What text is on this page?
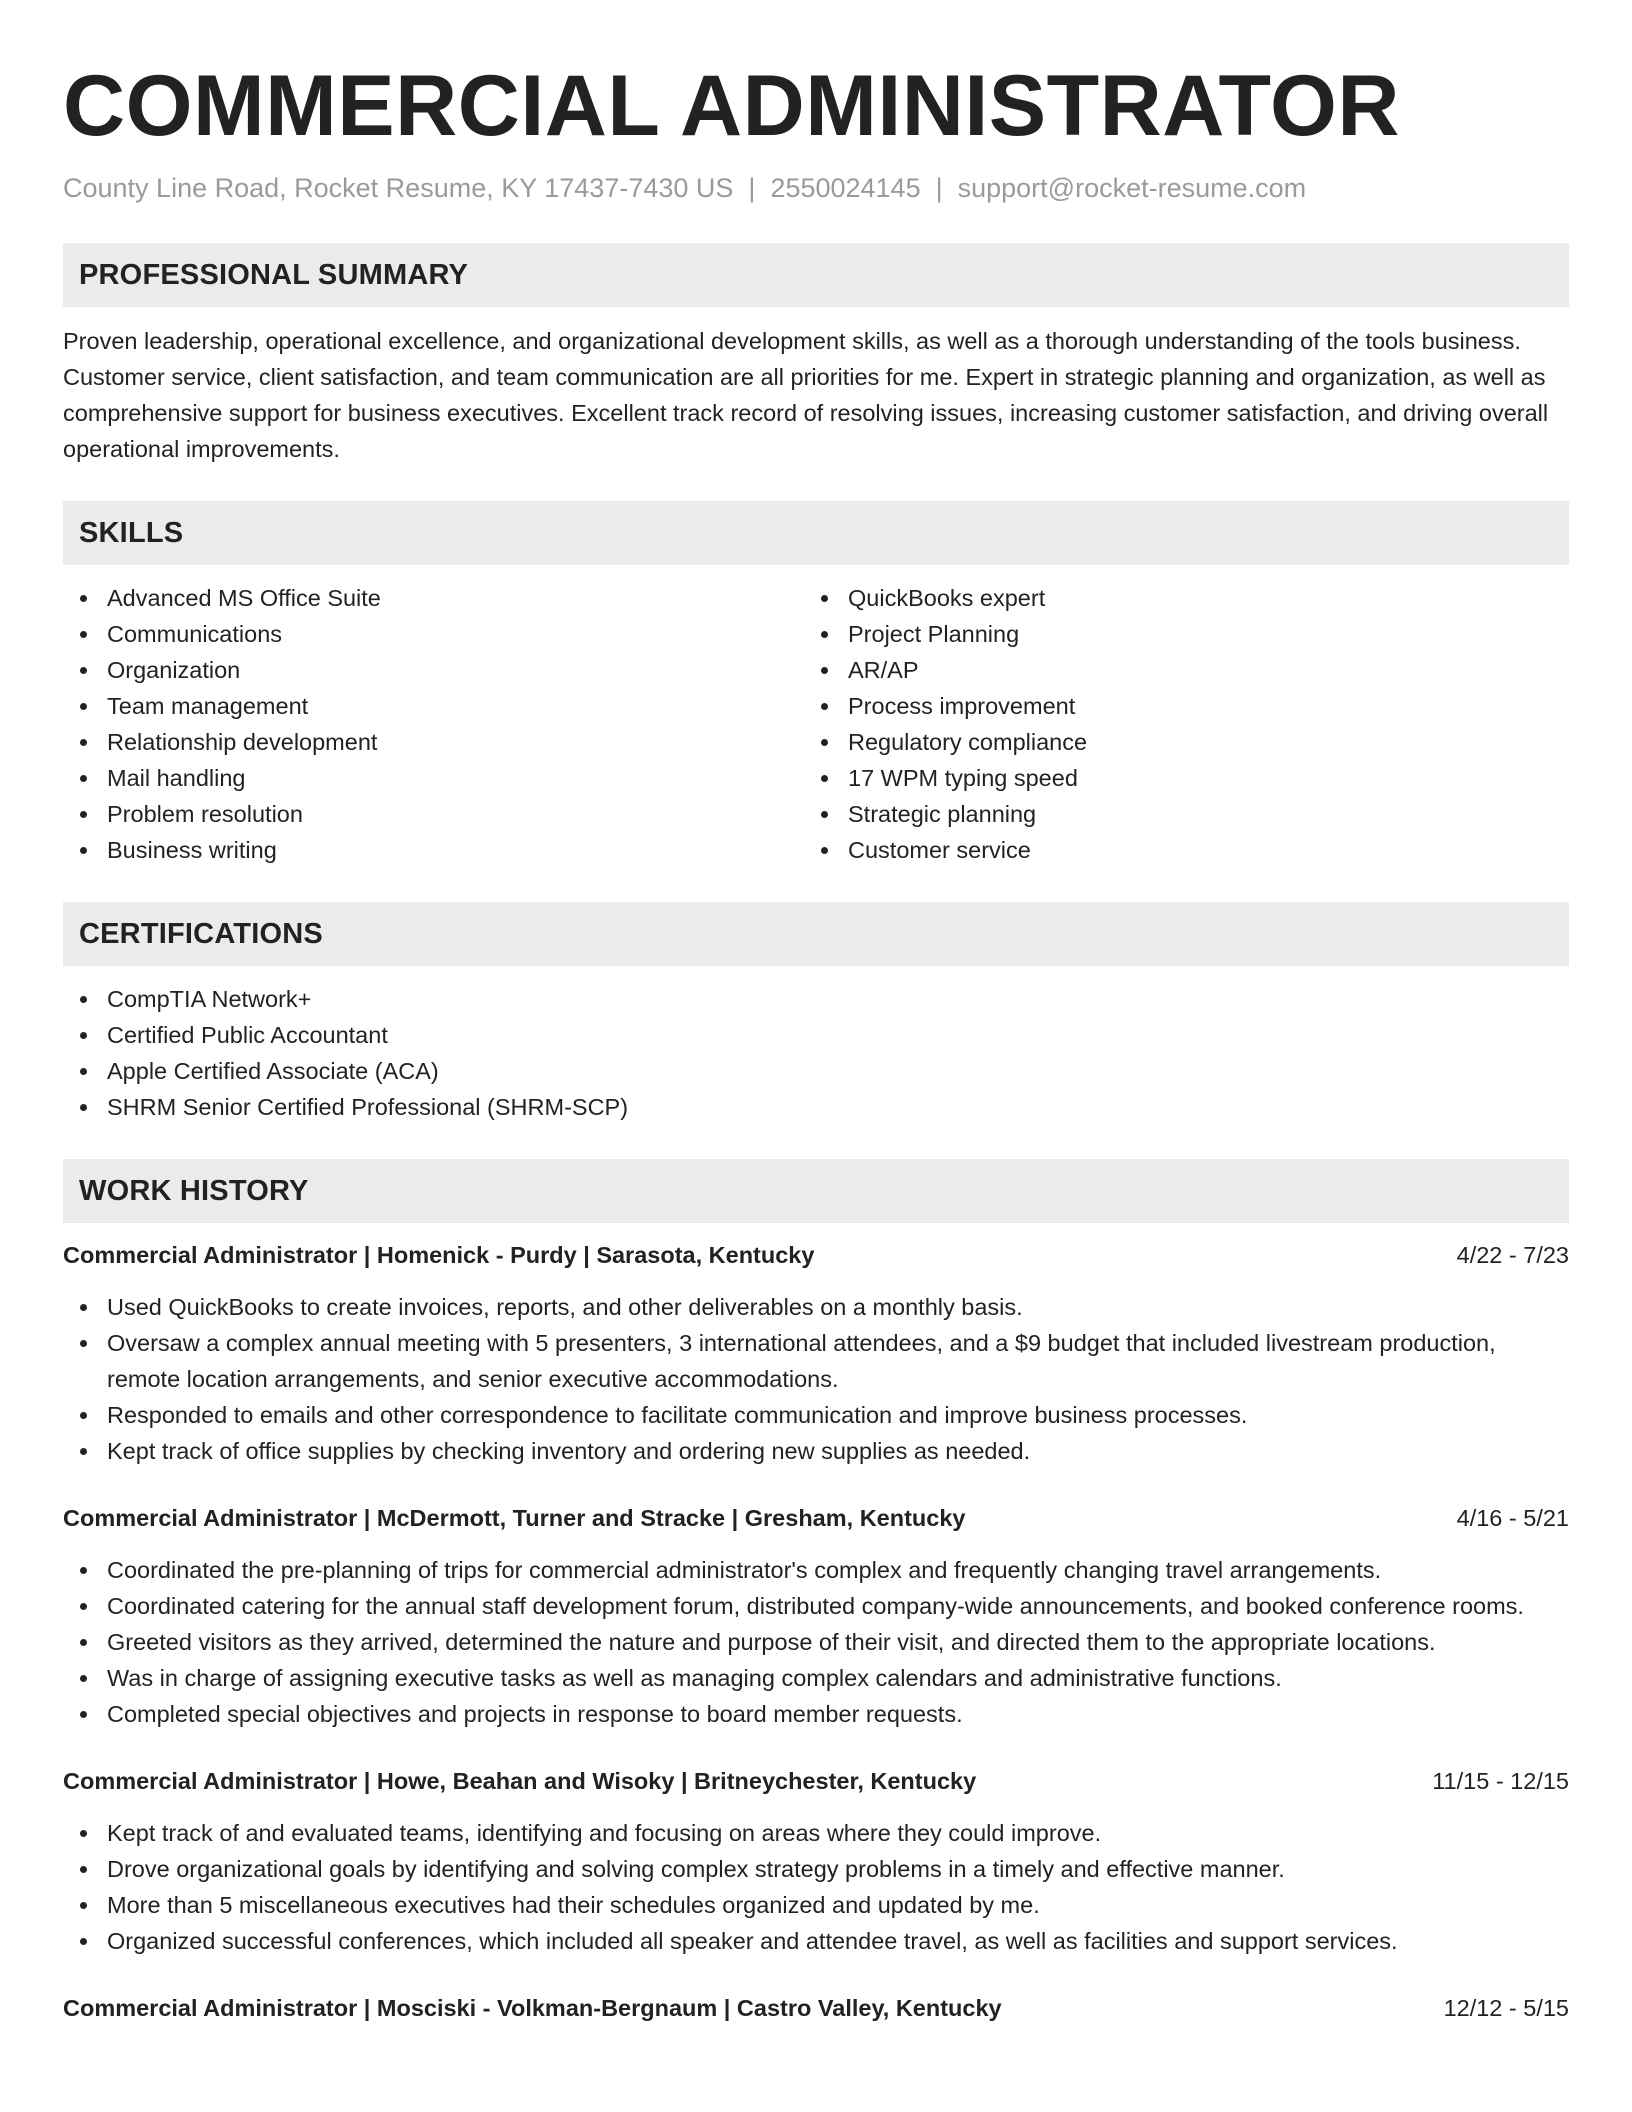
COMMERCIAL ADMINISTRATOR
County Line Road, Rocket Resume, KY 17437-7430 US | 2550024145 | support@rocket-resume.com
PROFESSIONAL SUMMARY

Proven leadership, operational excellence, and organizational development skills, as well as a thorough understanding of the tools business. Customer service, client satisfaction, and team communication are all priorities for me. Expert in strategic planning and organization, as well as comprehensive support for business executives. Excellent track record of resolving issues, increasing customer satisfaction, and driving overall operational improvements.

SKILLS
Advanced MS Office Suite
Communications
Organization
Team management
Relationship development
Mail handling
Problem resolution
Business writing
QuickBooks expert
Project Planning
AR/AP
Process improvement
Regulatory compliance
17 WPM typing speed
Strategic planning
Customer service
CERTIFICATIONS
CompTIA Network+
Certified Public Accountant
Apple Certified Associate (ACA)
SHRM Senior Certified Professional (SHRM-SCP)
WORK HISTORY
Commercial Administrator | Homenick - Purdy | Sarasota, Kentucky	4/22 - 7/23
Used QuickBooks to create invoices, reports, and other deliverables on a monthly basis.
Oversaw a complex annual meeting with 5 presenters, 3 international attendees, and a $9 budget that included livestream production, remote location arrangements, and senior executive accommodations.
Responded to emails and other correspondence to facilitate communication and improve business processes.
Kept track of office supplies by checking inventory and ordering new supplies as needed.
Commercial Administrator | McDermott, Turner and Stracke | Gresham, Kentucky	4/16 - 5/21
Coordinated the pre-planning of trips for commercial administrator's complex and frequently changing travel arrangements.
Coordinated catering for the annual staff development forum, distributed company-wide announcements, and booked conference rooms.
Greeted visitors as they arrived, determined the nature and purpose of their visit, and directed them to the appropriate locations.
Was in charge of assigning executive tasks as well as managing complex calendars and administrative functions.
Completed special objectives and projects in response to board member requests.
Commercial Administrator | Howe, Beahan and Wisoky | Britneychester, Kentucky	11/15 - 12/15
Kept track of and evaluated teams, identifying and focusing on areas where they could improve.
Drove organizational goals by identifying and solving complex strategy problems in a timely and effective manner.
More than 5 miscellaneous executives had their schedules organized and updated by me.
Organized successful conferences, which included all speaker and attendee travel, as well as facilities and support services.
Commercial Administrator | Mosciski - Volkman-Bergnaum | Castro Valley, Kentucky	12/12 - 5/15
